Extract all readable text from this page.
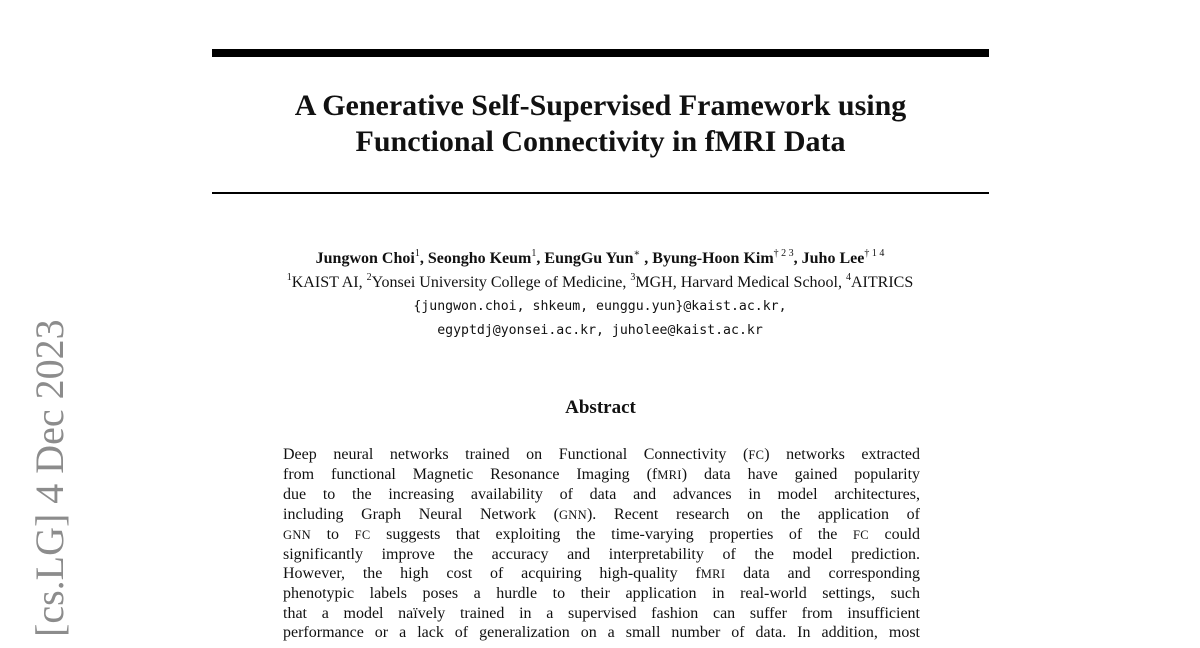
A Generative Self-Supervised Framework using
Functional Connectivity in fMRI Data
Jungwon Choi$^1$, Seongho Keum$^1$, EungGu Yun∗ , Byung-Hoon Kim$^{\dagger 2 3}$, Juho Lee$^{\dagger 1 4}$
$^1$KAIST AI, $^2$Yonsei University College of Medicine, $^3$MGH, Harvard Medical School, $^4$AITRICS
{jungwon.choi, shkeum, eunggu.yun}@kaist.ac.kr,
egyptdj@yonsei.ac.kr, juholee@kaist.ac.kr
Abstract

Deep neural networks trained on Functional Connectivity (FC) networks extracted
from functional Magnetic Resonance Imaging (fMRI) data have gained popularity
due to the increasing availability of data and advances in model architectures,
including Graph Neural Network (GNN). Recent research on the application of
GNN to FC suggests that exploiting the time-varying properties of the FC could
significantly improve the accuracy and interpretability of the model prediction.
However, the high cost of acquiring high-quality fMRI data and corresponding
phenotypic labels poses a hurdle to their application in real-world settings, such
that a model naïvely trained in a supervised fashion can suffer from insufficient
performance or a lack of generalization on a small number of data. In addition, most

[cs.LG] 4 Dec 2023
